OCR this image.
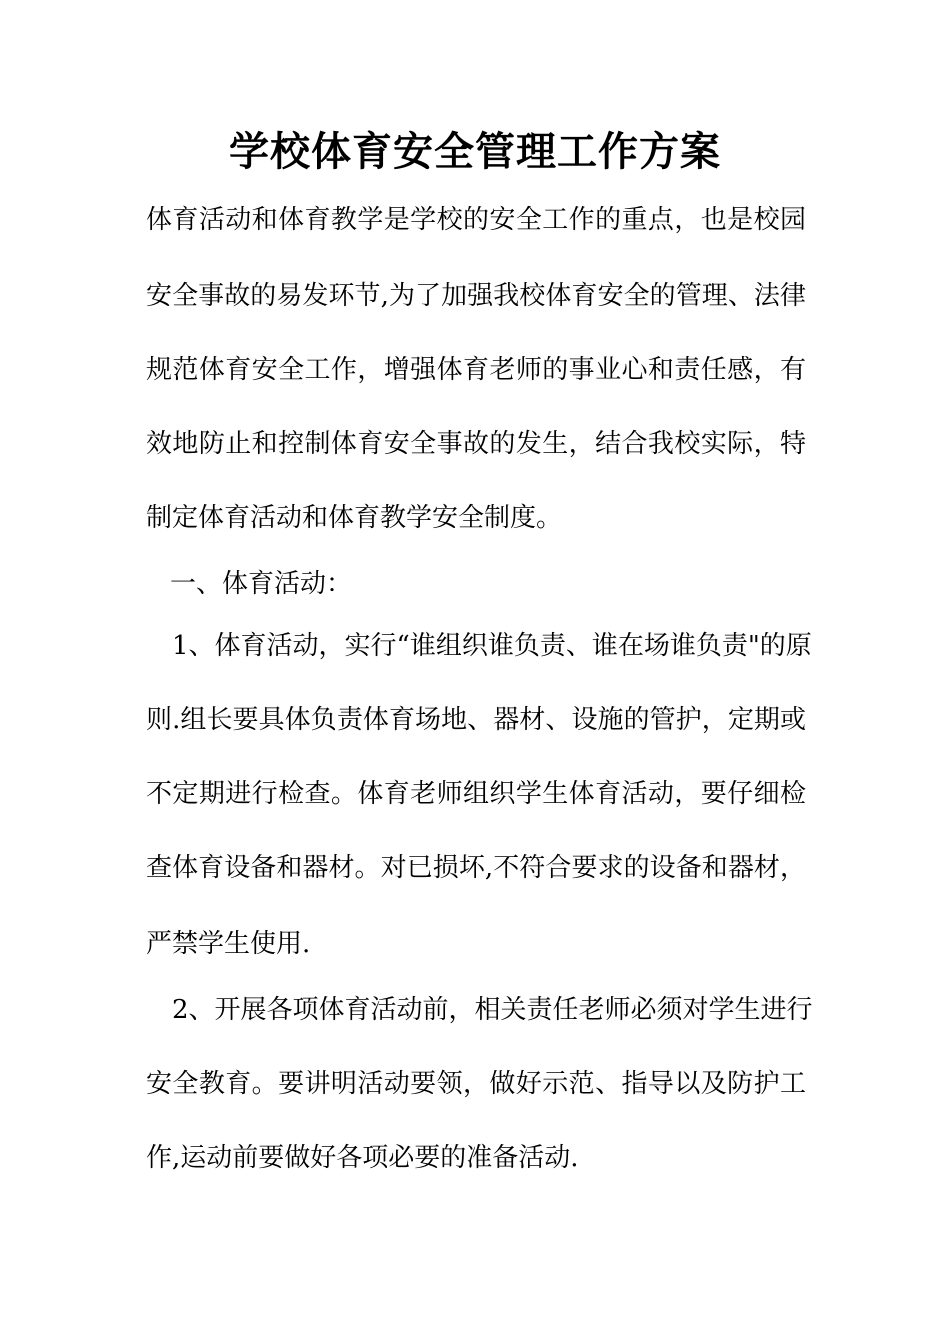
学校体育安全管理工作方案
体育活动和体育教学是学校的安全工作的重点，也是校园
安全事故的易发环节,为了加强我校体育安全的管理、法律
规范体育安全工作，增强体育老师的事业心和责任感，有
效地防止和控制体育安全事故的发生，结合我校实际，特
制定体育活动和体育教学安全制度。
一、体育活动：
1、体育活动，实行“谁组织谁负责、谁在场谁负责"的原
则.组长要具体负责体育场地、器材、设施的管护，定期或
不定期进行检查。体育老师组织学生体育活动，要仔细检
查体育设备和器材。对已损坏,不符合要求的设备和器材，
严禁学生使用.
2、开展各项体育活动前，相关责任老师必须对学生进行
安全教育。要讲明活动要领，做好示范、指导以及防护工
作,运动前要做好各项必要的准备活动.
